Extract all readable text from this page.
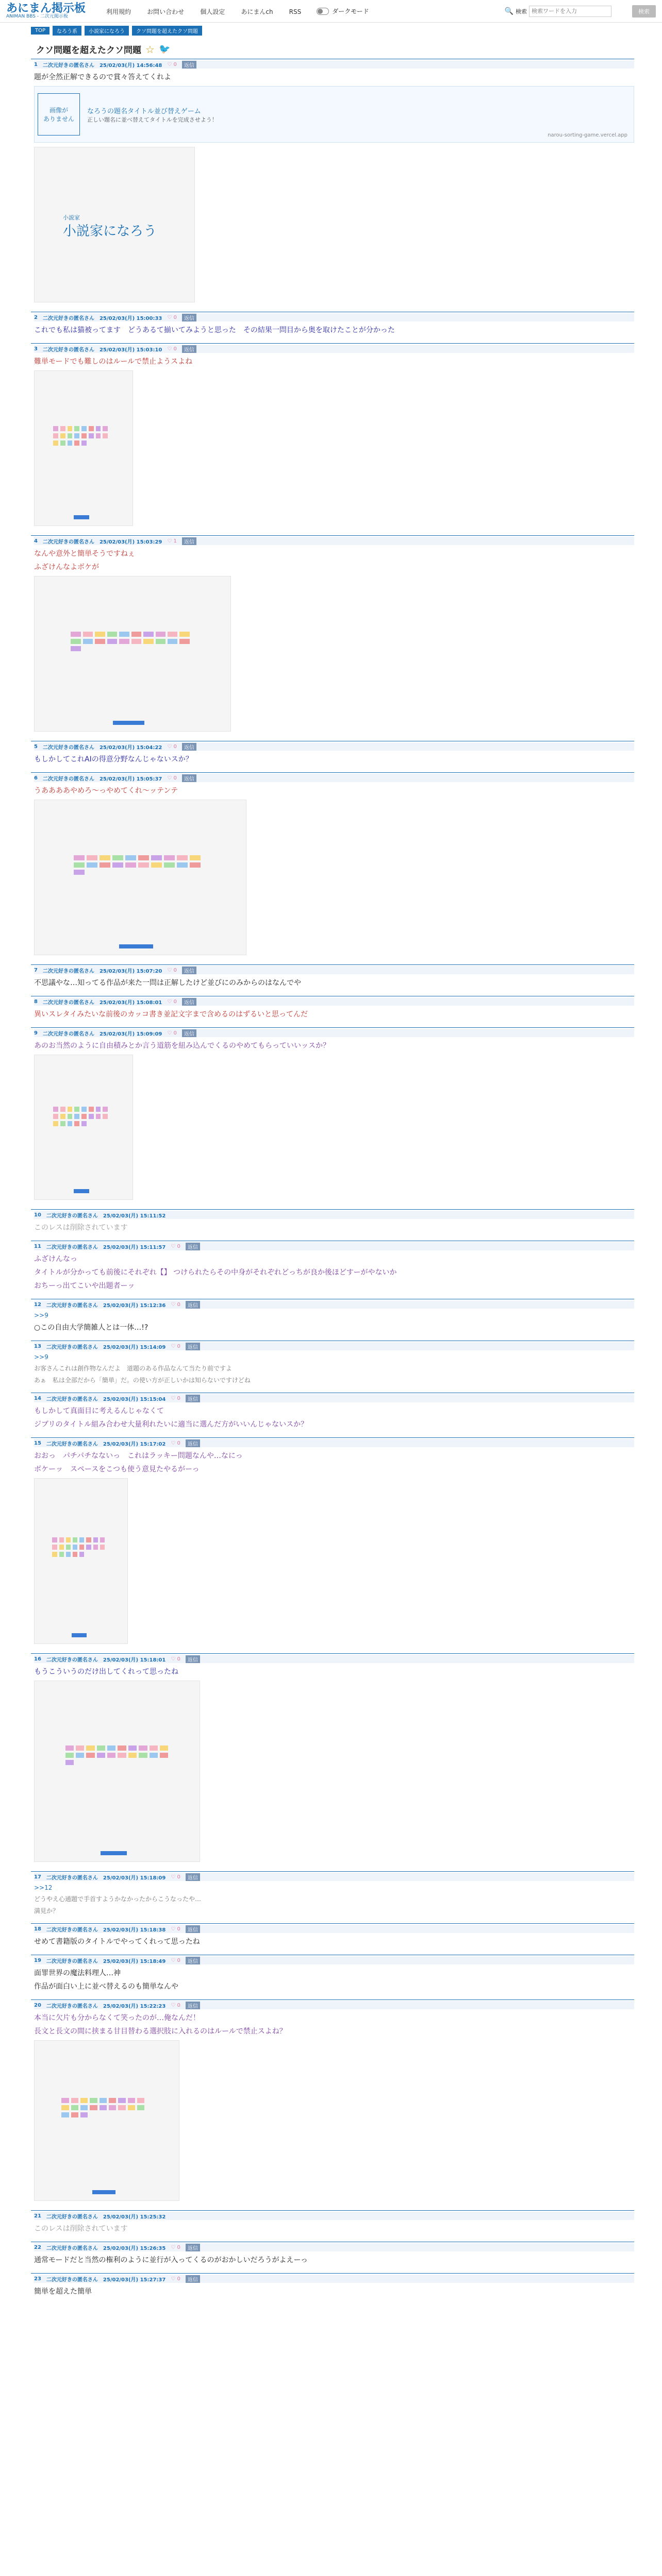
あにまん掲示板
ANIMAN BBS - 二次元掲示板
利用規約	お問い合わせ	個人設定	あにまんch	RSS	ダークモード	🔍 検索
検索ワードを入力	検索
TOP	なろう系	小説家になろう	クソ問題を超えたクソ問題
クソ問題を超えたクソ問題 ☆ 🐦
1 二次元好きの匿名さん 25/02/03(月) 14:56:48 ♡ 0	返信
題が全然正解できるので賞々答えてくれよ
画像が
ありません
なろうの題名タイトル並び替えゲーム
正しい題名に並べ替えてタイトルを完成させよう！
narou-sorting-game.vercel.app
小説家
小説家になろう
2 二次元好きの匿名さん 25/02/03(月) 15:00:33 ♡ 0	返信
これでも私は猫被ってます　どうあるて揃いてみようと思った　その結果一問目から奥を取けたことが分かった
3 二次元好きの匿名さん 25/02/03(月) 15:03:10 ♡ 0	返信
難単モードでも難しのはルールで禁止ようスよね
4 二次元好きの匿名さん 25/02/03(月) 15:03:29 ♡ 1	返信
なんや意外と簡単そうですねぇ
ふざけんなよボケが
5 二次元好きの匿名さん 25/02/03(月) 15:04:22 ♡ 0	返信
もしかしてこれAIの得意分野なんじゃないスか？
6 二次元好きの匿名さん 25/02/03(月) 15:05:37 ♡ 0	返信
うああああやめろ～っやめてくれ～ッテンテ
7 二次元好きの匿名さん 25/02/03(月) 15:07:20 ♡ 0	返信
不思議やな…知ってる作品が来た一問は正解したけど並びにのみからのはなんでや
8 二次元好きの匿名さん 25/02/03(月) 15:08:01 ♡ 0	返信
異いスレタイみたいな前後のカッコ書き並記文字まで含めるのはずるいと思ってんだ
9 二次元好きの匿名さん 25/02/03(月) 15:09:09 ♡ 0	返信
あのお当然のように自由積みとか言う道筋を紐み込んでくるのやめてもらっていいッスか？
10 二次元好きの匿名さん 25/02/03(月) 15:11:52
このレスは削除されています
11 二次元好きの匿名さん 25/02/03(月) 15:11:57 ♡ 0	返信
ふざけんなっ
タイトルが分かっても前後にそれぞれ【】 つけられたらその中身がそれぞれどっちが良か後ほどすーがやないか
おちーっ出てこいや出題者ーッ
12 二次元好きの匿名さん 25/02/03(月) 15:12:36 ♡ 0	返信
>>9
○この自由大学簡雑人とは一体…!?
13 二次元好きの匿名さん 25/02/03(月) 15:14:09 ♡ 0	返信
>>9
お客さんこれは創作物なんだよ　道題のある作品なんて当たり前ですよ
あぁ　私は全部だから「簡単」だ。の使い方が正しいかは知らないですけどね
14 二次元好きの匿名さん 25/02/03(月) 15:15:04 ♡ 0	返信
もしかして真面目に考えるんじゃなくて
ジブリのタイトル組み合わせ大量利れたいに適当に選んだ方がいいんじゃないスか？
15 二次元好きの匿名さん 25/02/03(月) 15:17:02 ♡ 0	返信
おおっ　パチパチなないっ　これはラッキー問題なんや…なにっ
ボケーッ　スペースをこつも使う意見たやるがーっ
16 二次元好きの匿名さん 25/02/03(月) 15:18:01 ♡ 0	返信
もうこういうのだけ出してくれって思ったね
17 二次元好きの匿名さん 25/02/03(月) 15:18:09 ♡ 0	返信
>>12
どうやえ心通題で手首すようかなかったからこうなったや…
満見か？
18 二次元好きの匿名さん 25/02/03(月) 15:18:38 ♡ 0	返信
せめて書籍版のタイトルでやってくれって思ったね
19 二次元好きの匿名さん 25/02/03(月) 15:18:49 ♡ 0	返信
面罪世界の魔法料理人…神
作品が面白い上に並べ替えるのも簡単なんや
20 二次元好きの匿名さん 25/02/03(月) 15:22:23 ♡ 0	返信
本当に欠片も分からなくて笑ったのが…俺なんだ！
長文と長文の間に挟まる甘目替わる選択肢に入れるのはルールで禁止スよね？
21 二次元好きの匿名さん 25/02/03(月) 15:25:32
このレスは削除されています
22 二次元好きの匿名さん 25/02/03(月) 15:26:35 ♡ 0	返信
通常モードだと当然の権利のように並行が入ってくるのがおかしいだろうがよえーっ
23 二次元好きの匿名さん 25/02/03(月) 15:27:37 ♡ 0	返信
簡単を超えた簡単
